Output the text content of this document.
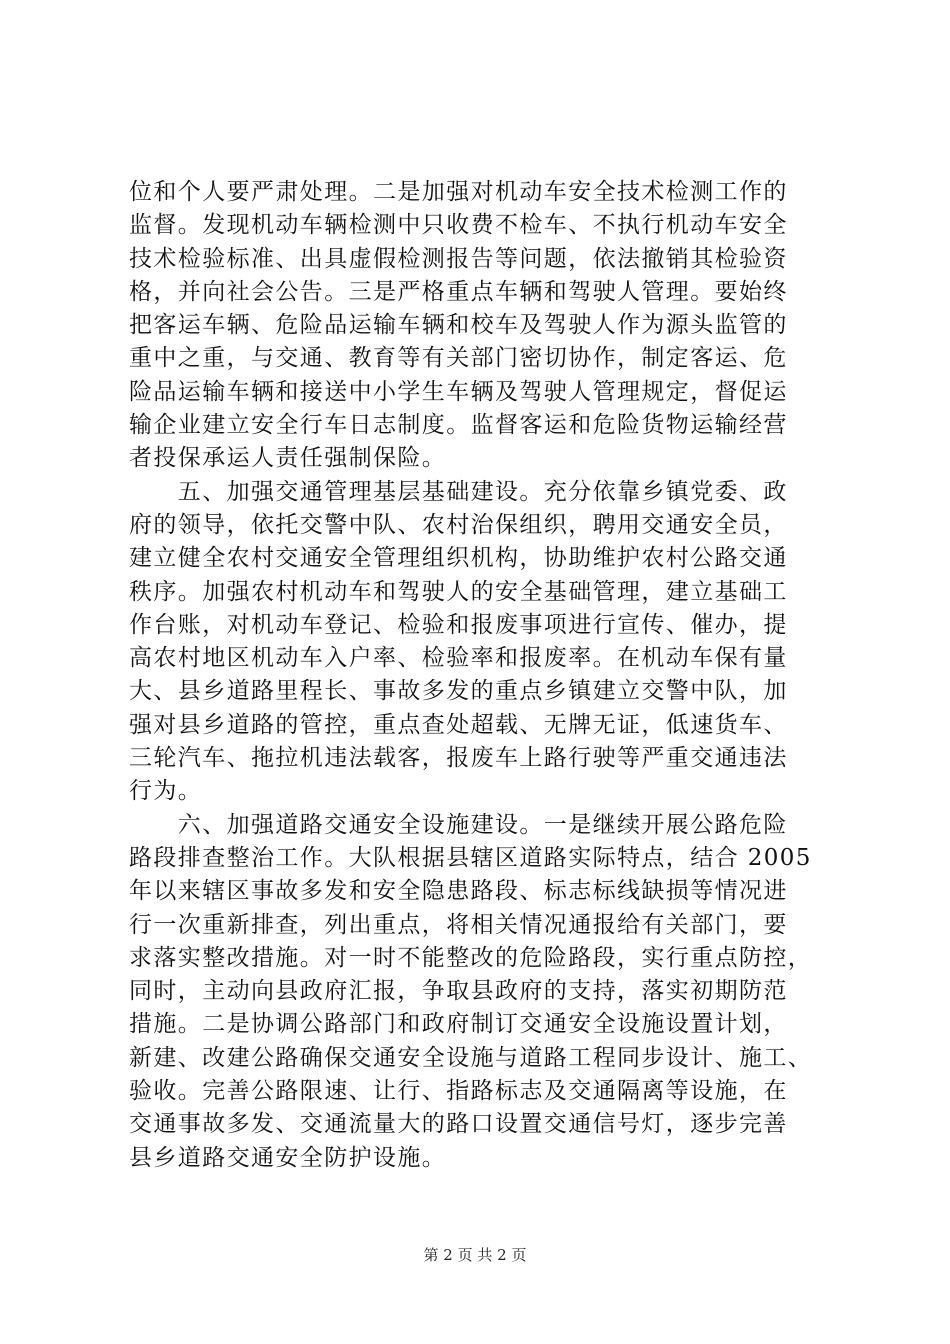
位和个人要严肃处理。二是加强对机动车安全技术检测工作的
监督。发现机动车辆检测中只收费不检车、不执行机动车安全
技术检验标准、出具虚假检测报告等问题，依法撤销其检验资
格，并向社会公告。三是严格重点车辆和驾驶人管理。要始终
把客运车辆、危险品运输车辆和校车及驾驶人作为源头监管的
重中之重，与交通、教育等有关部门密切协作，制定客运、危
险品运输车辆和接送中小学生车辆及驾驶人管理规定，督促运
输企业建立安全行车日志制度。监督客运和危险货物运输经营
者投保承运人责任强制保险。
　　五、加强交通管理基层基础建设。充分依靠乡镇党委、政
府的领导，依托交警中队、农村治保组织，聘用交通安全员，
建立健全农村交通安全管理组织机构，协助维护农村公路交通
秩序。加强农村机动车和驾驶人的安全基础管理，建立基础工
作台账，对机动车登记、检验和报废事项进行宣传、催办，提
高农村地区机动车入户率、检验率和报废率。在机动车保有量
大、县乡道路里程长、事故多发的重点乡镇建立交警中队，加
强对县乡道路的管控，重点查处超载、无牌无证，低速货车、
三轮汽车、拖拉机违法载客，报废车上路行驶等严重交通违法
行为。
　　六、加强道路交通安全设施建设。一是继续开展公路危险
路段排查整治工作。大队根据县辖区道路实际特点，结合 2005
年以来辖区事故多发和安全隐患路段、标志标线缺损等情况进
行一次重新排查，列出重点，将相关情况通报给有关部门，要
求落实整改措施。对一时不能整改的危险路段，实行重点防控，
同时，主动向县政府汇报，争取县政府的支持，落实初期防范
措施。二是协调公路部门和政府制订交通安全设施设置计划，
新建、改建公路确保交通安全设施与道路工程同步设计、施工、
验收。完善公路限速、让行、指路标志及交通隔离等设施，在
交通事故多发、交通流量大的路口设置交通信号灯，逐步完善
县乡道路交通安全防护设施。
第 2 页 共 2 页
